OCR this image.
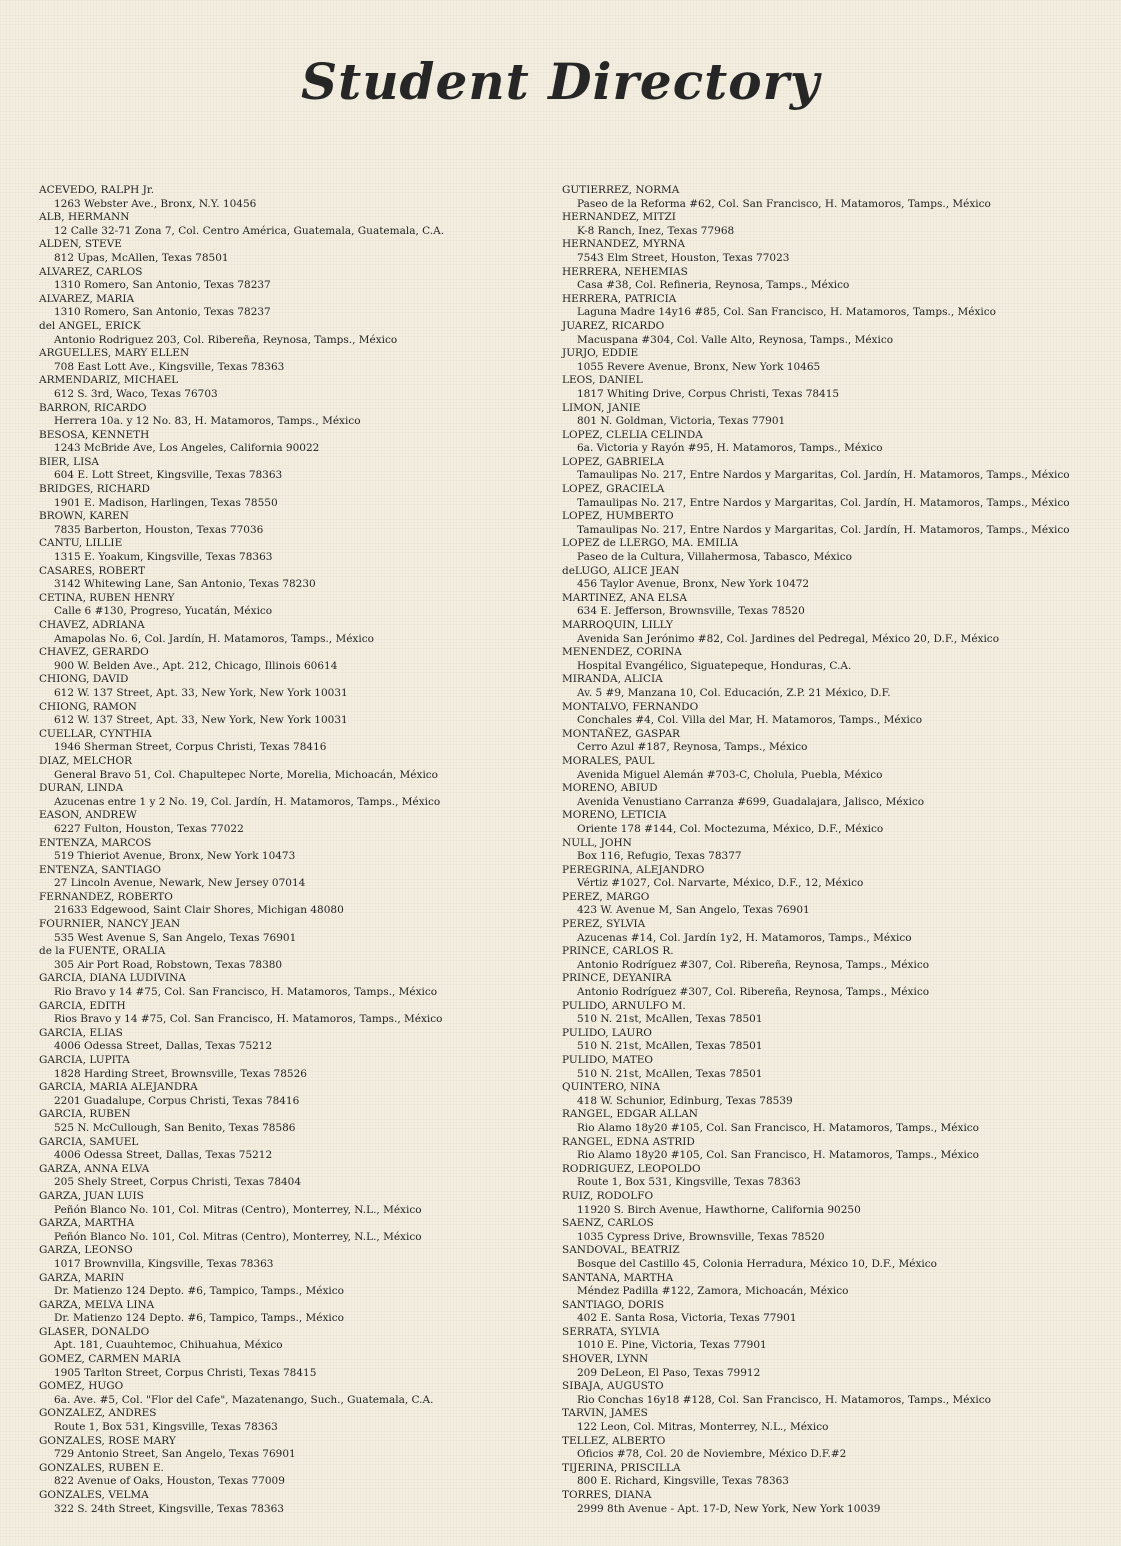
Student Directory
ACEVEDO, RALPH Jr.
1263 Webster Ave., Bronx, N.Y. 10456
ALB, HERMANN
12 Calle 32-71 Zona 7, Col. Centro América, Guatemala, Guatemala, C.A.
ALDEN, STEVE
812 Upas, McAllen, Texas 78501
ALVAREZ, CARLOS
1310 Romero, San Antonio, Texas 78237
ALVAREZ, MARIA
1310 Romero, San Antonio, Texas 78237
del ANGEL, ERICK
Antonio Rodriguez 203, Col. Ribereña, Reynosa, Tamps., México
ARGUELLES, MARY ELLEN
708 East Lott Ave., Kingsville, Texas 78363
ARMENDARIZ, MICHAEL
612 S. 3rd, Waco, Texas 76703
BARRON, RICARDO
Herrera 10a. y 12 No. 83, H. Matamoros, Tamps., México
BESOSA, KENNETH
1243 McBride Ave, Los Angeles, California 90022
BIER, LISA
604 E. Lott Street, Kingsville, Texas 78363
BRIDGES, RICHARD
1901 E. Madison, Harlingen, Texas 78550
BROWN, KAREN
7835 Barberton, Houston, Texas 77036
CANTU, LILLIE
1315 E. Yoakum, Kingsville, Texas 78363
CASARES, ROBERT
3142 Whitewing Lane, San Antonio, Texas 78230
CETINA, RUBEN HENRY
Calle 6 #130, Progreso, Yucatán, México
CHAVEZ, ADRIANA
Amapolas No. 6, Col. Jardín, H. Matamoros, Tamps., México
CHAVEZ, GERARDO
900 W. Belden Ave., Apt. 212, Chicago, Illinois 60614
CHIONG, DAVID
612 W. 137 Street, Apt. 33, New York, New York 10031
CHIONG, RAMON
612 W. 137 Street, Apt. 33, New York, New York 10031
CUELLAR, CYNTHIA
1946 Sherman Street, Corpus Christi, Texas 78416
DIAZ, MELCHOR
General Bravo 51, Col. Chapultepec Norte, Morelia, Michoacán, México
DURAN, LINDA
Azucenas entre 1 y 2 No. 19, Col. Jardín, H. Matamoros, Tamps., México
EASON, ANDREW
6227 Fulton, Houston, Texas 77022
ENTENZA, MARCOS
519 Thieriot Avenue, Bronx, New York 10473
ENTENZA, SANTIAGO
27 Lincoln Avenue, Newark, New Jersey 07014
FERNANDEZ, ROBERTO
21633 Edgewood, Saint Clair Shores, Michigan 48080
FOURNIER, NANCY JEAN
535 West Avenue S, San Angelo, Texas 76901
de la FUENTE, ORALIA
305 Air Port Road, Robstown, Texas 78380
GARCIA, DIANA LUDIVINA
Rio Bravo y 14 #75, Col. San Francisco, H. Matamoros, Tamps., México
GARCIA, EDITH
Rios Bravo y 14 #75, Col. San Francisco, H. Matamoros, Tamps., México
GARCIA, ELIAS
4006 Odessa Street, Dallas, Texas 75212
GARCIA, LUPITA
1828 Harding Street, Brownsville, Texas 78526
GARCIA, MARIA ALEJANDRA
2201 Guadalupe, Corpus Christi, Texas 78416
GARCIA, RUBEN
525 N. McCullough, San Benito, Texas 78586
GARCIA, SAMUEL
4006 Odessa Street, Dallas, Texas 75212
GARZA, ANNA ELVA
205 Shely Street, Corpus Christi, Texas 78404
GARZA, JUAN LUIS
Peñón Blanco No. 101, Col. Mitras (Centro), Monterrey, N.L., México
GARZA, MARTHA
Peñón Blanco No. 101, Col. Mitras (Centro), Monterrey, N.L., México
GARZA, LEONSO
1017 Brownvilla, Kingsville, Texas 78363
GARZA, MARIN
Dr. Matienzo 124 Depto. #6, Tampico, Tamps., México
GARZA, MELVA LINA
Dr. Matienzo 124 Depto. #6, Tampico, Tamps., México
GLASER, DONALDO
Apt. 181, Cuauhtemoc, Chihuahua, México
GOMEZ, CARMEN MARIA
1905 Tarlton Street, Corpus Christi, Texas 78415
GOMEZ, HUGO
6a. Ave. #5, Col. "Flor del Cafe", Mazatenango, Such., Guatemala, C.A.
GONZALEZ, ANDRES
Route 1, Box 531, Kingsville, Texas 78363
GONZALES, ROSE MARY
729 Antonio Street, San Angelo, Texas 76901
GONZALES, RUBEN E.
822 Avenue of Oaks, Houston, Texas 77009
GONZALES, VELMA
322 S. 24th Street, Kingsville, Texas 78363
GUTIERREZ, NORMA
Paseo de la Reforma #62, Col. San Francisco, H. Matamoros, Tamps., México
HERNANDEZ, MITZI
K-8 Ranch, Inez, Texas 77968
HERNANDEZ, MYRNA
7543 Elm Street, Houston, Texas 77023
HERRERA, NEHEMIAS
Casa #38, Col. Refineria, Reynosa, Tamps., México
HERRERA, PATRICIA
Laguna Madre 14y16 #85, Col. San Francisco, H. Matamoros, Tamps., México
JUAREZ, RICARDO
Macuspana #304, Col. Valle Alto, Reynosa, Tamps., México
JURJO, EDDIE
1055 Revere Avenue, Bronx, New York 10465
LEOS, DANIEL
1817 Whiting Drive, Corpus Christi, Texas 78415
LIMON, JANIE
801 N. Goldman, Victoria, Texas 77901
LOPEZ, CLELIA CELINDA
6a. Victoria y Rayón #95, H. Matamoros, Tamps., México
LOPEZ, GABRIELA
Tamaulipas No. 217, Entre Nardos y Margaritas, Col. Jardín, H. Matamoros, Tamps., México
LOPEZ, GRACIELA
Tamaulipas No. 217, Entre Nardos y Margaritas, Col. Jardín, H. Matamoros, Tamps., México
LOPEZ, HUMBERTO
Tamaulipas No. 217, Entre Nardos y Margaritas, Col. Jardín, H. Matamoros, Tamps., México
LOPEZ de LLERGO, MA. EMILIA
Paseo de la Cultura, Villahermosa, Tabasco, México
deLUGO, ALICE JEAN
456 Taylor Avenue, Bronx, New York 10472
MARTINEZ, ANA ELSA
634 E. Jefferson, Brownsville, Texas 78520
MARROQUIN, LILLY
Avenida San Jerónimo #82, Col. Jardines del Pedregal, México 20, D.F., México
MENENDEZ, CORINA
Hospital Evangélico, Siguatepeque, Honduras, C.A.
MIRANDA, ALICIA
Av. 5 #9, Manzana 10, Col. Educación, Z.P. 21 México, D.F.
MONTALVO, FERNANDO
Conchales #4, Col. Villa del Mar, H. Matamoros, Tamps., México
MONTAÑEZ, GASPAR
Cerro Azul #187, Reynosa, Tamps., México
MORALES, PAUL
Avenida Miguel Alemán #703-C, Cholula, Puebla, México
MORENO, ABIUD
Avenida Venustiano Carranza #699, Guadalajara, Jalisco, México
MORENO, LETICIA
Oriente 178 #144, Col. Moctezuma, México, D.F., México
NULL, JOHN
Box 116, Refugio, Texas 78377
PEREGRINA, ALEJANDRO
Vértiz #1027, Col. Narvarte, México, D.F., 12, México
PEREZ, MARGO
423 W. Avenue M, San Angelo, Texas 76901
PEREZ, SYLVIA
Azucenas #14, Col. Jardín 1y2, H. Matamoros, Tamps., México
PRINCE, CARLOS R.
Antonio Rodríguez #307, Col. Ribereña, Reynosa, Tamps., México
PRINCE, DEYANIRA
Antonio Rodríguez #307, Col. Ribereña, Reynosa, Tamps., México
PULIDO, ARNULFO M.
510 N. 21st, McAllen, Texas 78501
PULIDO, LAURO
510 N. 21st, McAllen, Texas 78501
PULIDO, MATEO
510 N. 21st, McAllen, Texas 78501
QUINTERO, NINA
418 W. Schunior, Edinburg, Texas 78539
RANGEL, EDGAR ALLAN
Rio Alamo 18y20 #105, Col. San Francisco, H. Matamoros, Tamps., México
RANGEL, EDNA ASTRID
Rio Alamo 18y20 #105, Col. San Francisco, H. Matamoros, Tamps., México
RODRIGUEZ, LEOPOLDO
Route 1, Box 531, Kingsville, Texas 78363
RUIZ, RODOLFO
11920 S. Birch Avenue, Hawthorne, California 90250
SAENZ, CARLOS
1035 Cypress Drive, Brownsville, Texas 78520
SANDOVAL, BEATRIZ
Bosque del Castillo 45, Colonia Herradura, México 10, D.F., México
SANTANA, MARTHA
Méndez Padilla #122, Zamora, Michoacán, México
SANTIAGO, DORIS
402 E. Santa Rosa, Victoria, Texas 77901
SERRATA, SYLVIA
1010 E. Pine, Victoria, Texas 77901
SHOVER, LYNN
209 DeLeon, El Paso, Texas 79912
SIBAJA, AUGUSTO
Rio Conchas 16y18 #128, Col. San Francisco, H. Matamoros, Tamps., México
TARVIN, JAMES
122 Leon, Col. Mitras, Monterrey, N.L., México
TELLEZ, ALBERTO
Oficios #78, Col. 20 de Noviembre, México D.F.#2
TIJERINA, PRISCILLA
800 E. Richard, Kingsville, Texas 78363
TORRES, DIANA
2999 8th Avenue - Apt. 17-D, New York, New York 10039
